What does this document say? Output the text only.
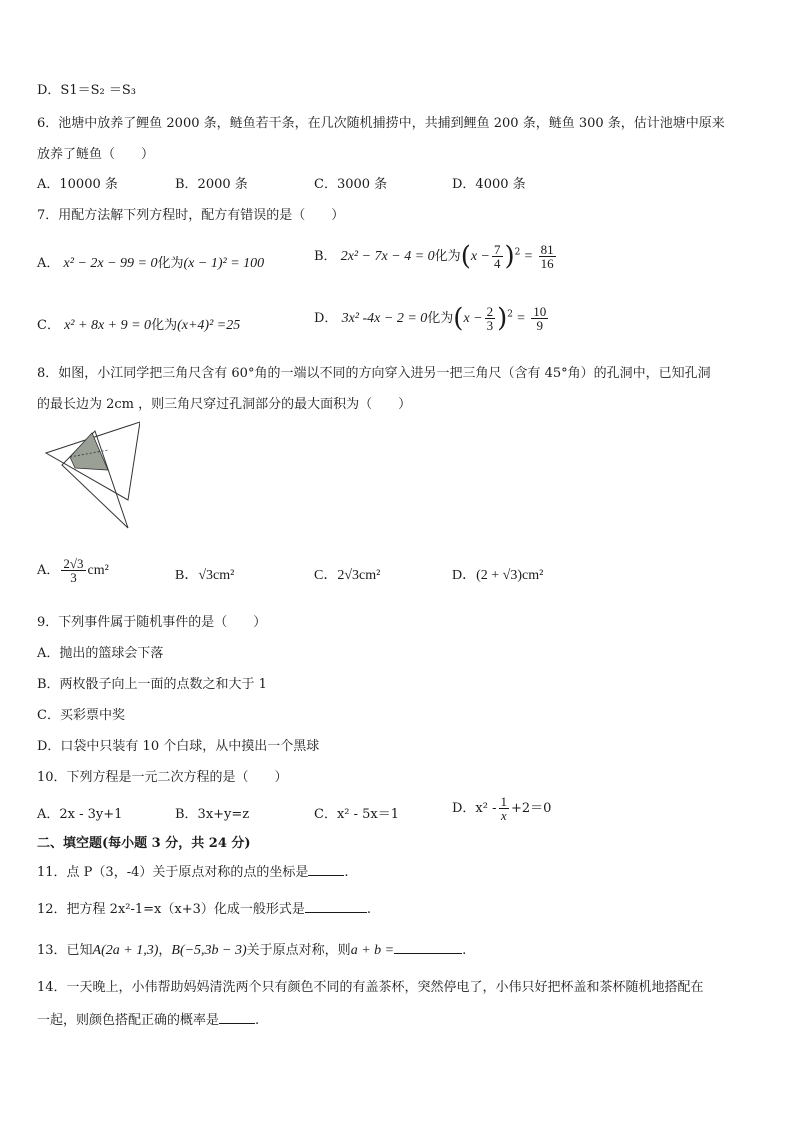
D．S1＝S₂ ＝S₃
6．池塘中放养了鲤鱼 2000 条，鲢鱼若干条，在几次随机捕捞中，共捕到鲤鱼 200 条，鲢鱼 300 条，估计池塘中原来
放养了鲢鱼（　　）
A．10000 条	B．2000 条	C．3000 条	D．4000 条
7．用配方法解下列方程时，配方有错误的是（　　）
A． x² − 2x − 99 = 0化为(x − 1)² = 100	B． 2x² − 7x − 4 = 0化为$(x - \frac{7}{4} )^2 = \frac{81}{16}$
C． x² + 8x + 9 = 0化为(x+4)² =25	D． 3x² -4x − 2 = 0化为$(x - \frac{2}{3} )^2 = \frac{10}{9}$
8．如图，小江同学把三角尺含有 60°角的一端以不同的方向穿入进另一把三角尺（含有 45°角）的孔洞中，已知孔洞
的最长边为 2cm ，则三角尺穿过孔洞部分的最大面积为（　　）
A． $\frac{2√3}{3} cm^2$	B．√3cm²	C．2√3cm²	D．(2 + √3)cm²
9．下列事件属于随机事件的是（　　）
A．抛出的篮球会下落
B．两枚骰子向上一面的点数之和大于 1
C．买彩票中奖
D．口袋中只装有 10 个白球，从中摸出一个黑球
10．下列方程是一元二次方程的是（　　）
A．2x - 3y+1	B．3x+y=z	C．x² - 5x＝1	D．$x^2 - \frac{1}{x} +2=0$
二、填空题(每小题 3 分，共 24 分)
11．点 P（3，-4）关于原点对称的点的坐标是	.
12．把方程 2x²-1=x（x+3）化成一般形式是	.
13．已知A(2a + 1,3)，B(−5,3b − 3)关于原点对称，则a + b =	.
14．一天晚上，小伟帮助妈妈清洗两个只有颜色不同的有盖茶杯，突然停电了，小伟只好把杯盖和茶杯随机地搭配在
一起，则颜色搭配正确的概率是	.
